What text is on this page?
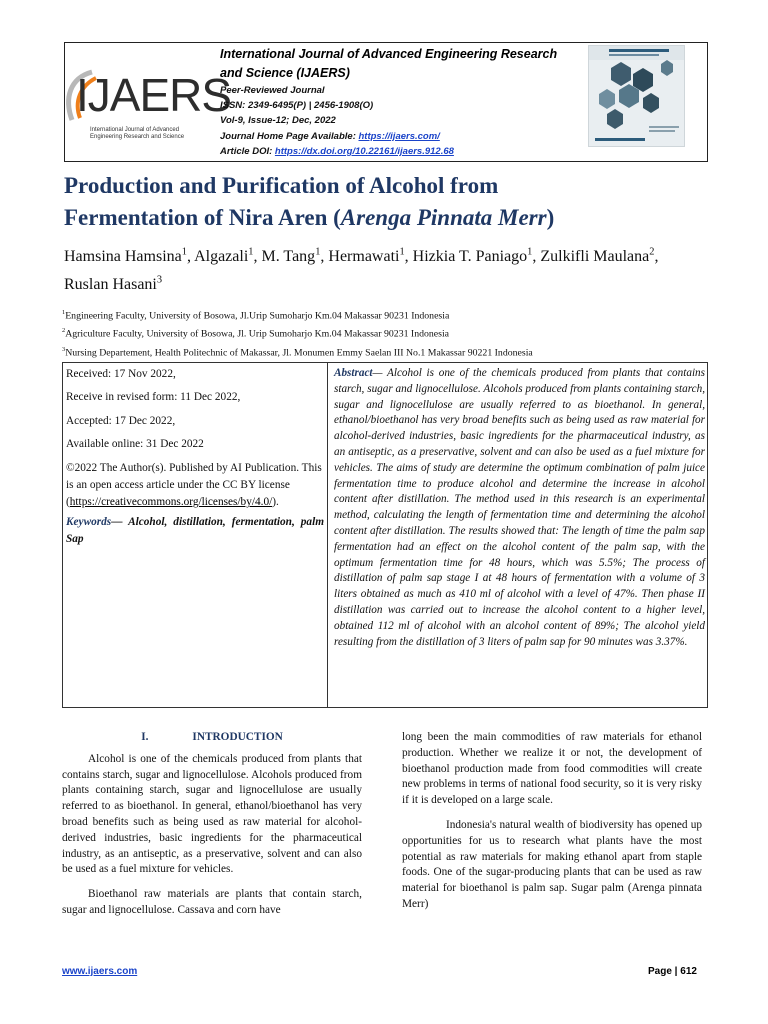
IJAERS
International Journal of Advanced
Engineering Research and Science
International Journal of Advanced Engineering Research
and Science (IJAERS)
Peer-Reviewed Journal
ISSN: 2349-6495(P) | 2456-1908(O)
Vol-9, Issue-12; Dec, 2022
Journal Home Page Available: https://ijaers.com/
Article DOI: https://dx.doi.org/10.22161/ijaers.912.68
Production and Purification of Alcohol from
Fermentation of Nira Aren (Arenga Pinnata Merr)
Hamsina Hamsina$^1$, Algazali$^1$, M. Tang$^1$, Hermawati$^1$, Hizkia T. Paniago$^1$, Zulkifli Maulana$^2$, Ruslan Hasani$^3$
$^1$Engineering Faculty, University of Bosowa, Jl.Urip Sumoharjo Km.04 Makassar 90231 Indonesia
$^2$Agriculture Faculty, University of Bosowa, Jl. Urip Sumoharjo Km.04 Makassar 90231 Indonesia
$^3$Nursing Departement, Health Politechnic of Makassar, Jl. Monumen Emmy Saelan III No.1 Makassar 90221 Indonesia

Received: 17 Nov 2022,

Receive in revised form: 11 Dec 2022,

Accepted: 17 Dec 2022,

Available online: 31 Dec 2022

©2022 The Author(s). Published by AI Publication. This is an open access article under the CC BY license

(https://creativecommons.org/licenses/by/4.0/).

Keywords— Alcohol, distillation, fermentation, palm Sap

Abstract— Alcohol is one of the chemicals produced from plants that contains starch, sugar and lignocellulose. Alcohols produced from plants containing starch, sugar and lignocellulose are usually referred to as bioethanol. In general, ethanol/bioethanol has very broad benefits such as being used as raw material for alcohol-derived industries, basic ingredients for the pharmaceutical industry, as an antiseptic, as a preservative, solvent and can also be used as a fuel mixture for vehicles. The aims of study are determine the optimum combination of palm juice fermentation time to produce alcohol and determine the increase in alcohol content after distillation. The method used in this research is an experimental method, calculating the length of fermentation time and determining the alcohol content after distillation. The results showed that: The length of time the palm sap fermentation had an effect on the alcohol content of the palm sap, with the optimum fermentation time for 48 hours, which was 5.5%; The process of distillation of palm sap stage I at 48 hours of fermentation with a volume of 3 liters obtained as much as 410 ml of alcohol with a level of 47%. Then phase II distillation was carried out to increase the alcohol content to a higher level, obtained 112 ml of alcohol with an alcohol content of 89%; The alcohol yield resulting from the distillation of 3 liters of palm sap for 90 minutes was 3.37%.

I.	INTRODUCTION

Alcohol is one of the chemicals produced from plants that contains starch, sugar and lignocellulose. Alcohols produced from plants containing starch, sugar and lignocellulose are usually referred to as bioethanol. In general, ethanol/bioethanol has very broad benefits such as being used as raw material for alcohol-derived industries, basic ingredients for the pharmaceutical industry, as an antiseptic, as a preservative, solvent and can also be used as a fuel mixture for vehicles.

Bioethanol raw materials are plants that contain starch, sugar and lignocellulose. Cassava and corn have

long been the main commodities of raw materials for ethanol production. Whether we realize it or not, the development of bioethanol production made from food commodities will create new problems in terms of national food security, so it is very risky if it is developed on a large scale.

Indonesia's natural wealth of biodiversity has opened up opportunities for us to research what plants have the most potential as raw materials for making ethanol apart from staple foods. One of the sugar-producing plants that can be used as raw material for bioethanol is palm sap. Sugar palm (Arenga pinnata Merr)

www.ijaers.com	Page | 612
